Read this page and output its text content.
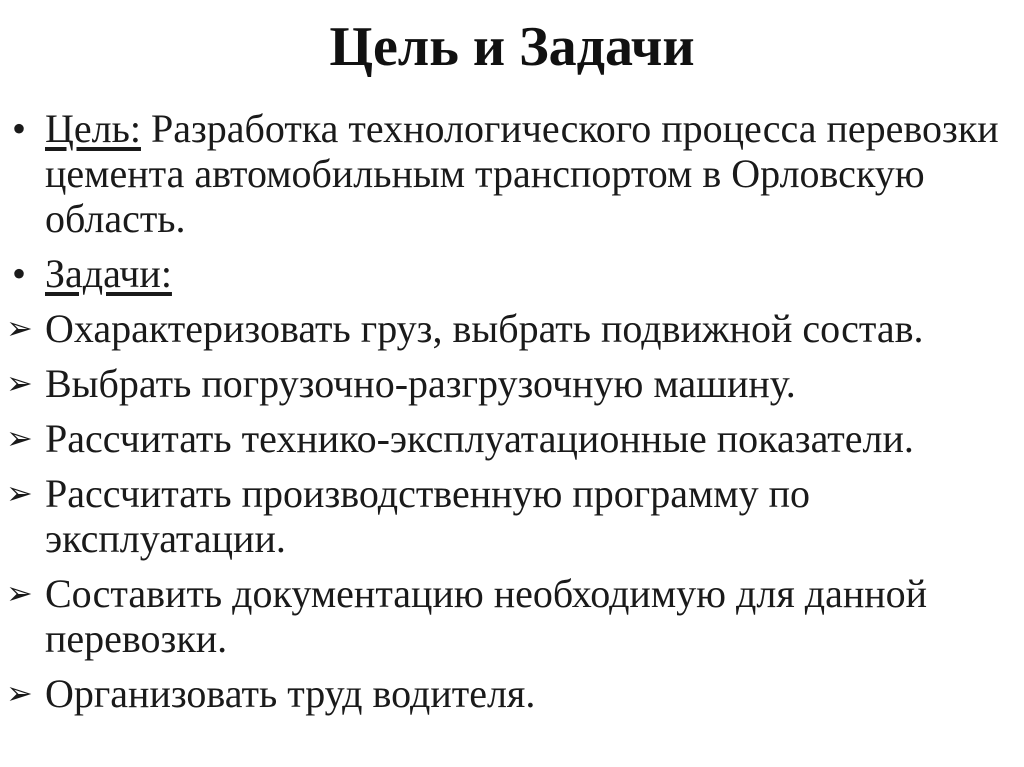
Цель и Задачи
• Цель: Разработка технологического процесса перевозки цемента автомобильным транспортом в Орловскую область.
• Задачи:
➢ Охарактеризовать груз, выбрать подвижной состав.
➢ Выбрать погрузочно-разгрузочную машину.
➢ Рассчитать технико-эксплуатационные показатели.
➢ Рассчитать производственную программу по эксплуатации.
➢ Составить документацию необходимую для данной перевозки.
➢ Организовать труд водителя.
